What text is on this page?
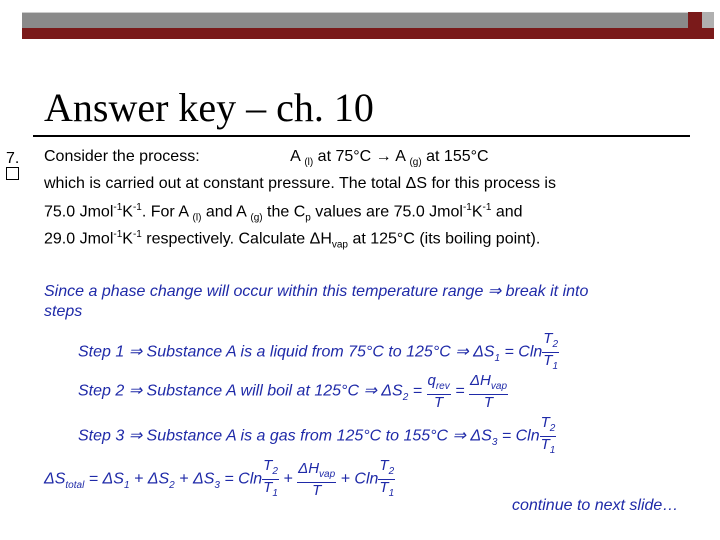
Answer key – ch. 10
7. Consider the process:	A $_{(l)}$ at 75°C → A $_{(g)}$ at 155°C
which is carried out at constant pressure. The total ΔS for this process is
75.0 $Jmol^{-1}K^{-1}$. For A $_{(l)}$ and A $_{(g)}$ the $C_p$ values are 75.0 $Jmol^{-1}K^{-1}$ and
29.0 $Jmol^{-1}K^{-1}$ respectively. Calculate $\Delta H_{vap}$ at 125°C (its boiling point).
Since a phase change will occur within this temperature range ⇒ break it into
steps
Step 1 ⇒ Substance A is a liquid from 75°C to 125°C ⇒ $\Delta S_1 = Cln \frac{T_2}{T_1}$
Step 2 ⇒ Substance A will boil at 125°C ⇒ $\Delta S_2 = \frac{q_{rev}}{T} = \frac{\Delta H_{vap}}{T}$
Step 3 ⇒ Substance A is a gas from 125°C to 155°C ⇒ $\Delta S_3 = Cln \frac{T_2}{T_1}$
$\Delta S_{total} = \Delta S_1 + \Delta S_2 + \Delta S_3 = Cln \frac{T_2}{T_1} + \frac{\Delta H_{vap}}{T} + Cln \frac{T_2}{T_1}$
continue to next slide…
